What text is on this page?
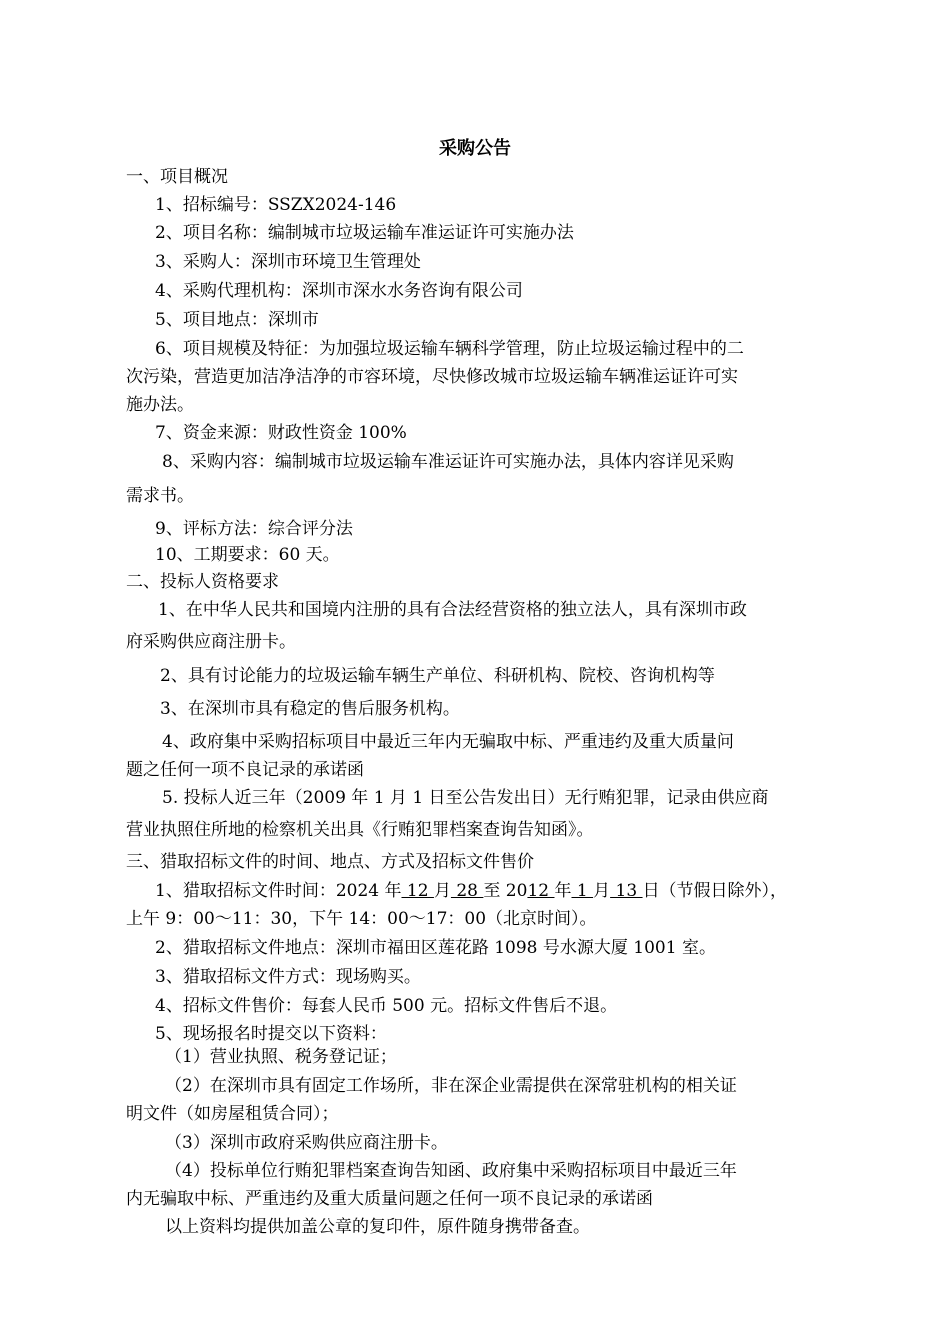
采购公告
一、项目概况
1、招标编号：SSZX2024-146
2、项目名称：编制城市垃圾运输车准运证许可实施办法
3、采购人：深圳市环境卫生管理处
4、采购代理机构：深圳市深水水务咨询有限公司
5、项目地点：深圳市
6、项目规模及特征：为加强垃圾运输车辆科学管理，防止垃圾运输过程中的二
次污染，营造更加洁净洁净的市容环境，尽快修改城市垃圾运输车辆准运证许可实
施办法。
7、资金来源：财政性资金 100%
8、采购内容：编制城市垃圾运输车准运证许可实施办法，具体内容详见采购
需求书。
9、评标方法：综合评分法
10、工期要求：60 天。
二、投标人资格要求
1、在中华人民共和国境内注册的具有合法经营资格的独立法人，具有深圳市政
府采购供应商注册卡。
2、具有讨论能力的垃圾运输车辆生产单位、科研机构、院校、咨询机构等
3、在深圳市具有稳定的售后服务机构。
4、政府集中采购招标项目中最近三年内无骗取中标、严重违约及重大质量问
题之任何一项不良记录的承诺函
5. 投标人近三年（2009 年 1 月 1 日至公告发出日）无行贿犯罪，记录由供应商
营业执照住所地的检察机关出具《行贿犯罪档案查询告知函》。
三、猎取招标文件的时间、地点、方式及招标文件售价
1、猎取招标文件时间：2024 年 12 月 28 至 2012 年 1 月 13 日（节假日除外），
上午 9：00～11：30，下午 14：00～17：00（北京时间）。
2、猎取招标文件地点：深圳市福田区莲花路 1098 号水源大厦 1001 室。
3、猎取招标文件方式：现场购买。
4、招标文件售价：每套人民币 500 元。招标文件售后不退。
5、现场报名时提交以下资料：
（1）营业执照、税务登记证；
（2）在深圳市具有固定工作场所，非在深企业需提供在深常驻机构的相关证
明文件（如房屋租赁合同）；
（3）深圳市政府采购供应商注册卡。
（4）投标单位行贿犯罪档案查询告知函、政府集中采购招标项目中最近三年
内无骗取中标、严重违约及重大质量问题之任何一项不良记录的承诺函
以上资料均提供加盖公章的复印件，原件随身携带备查。
